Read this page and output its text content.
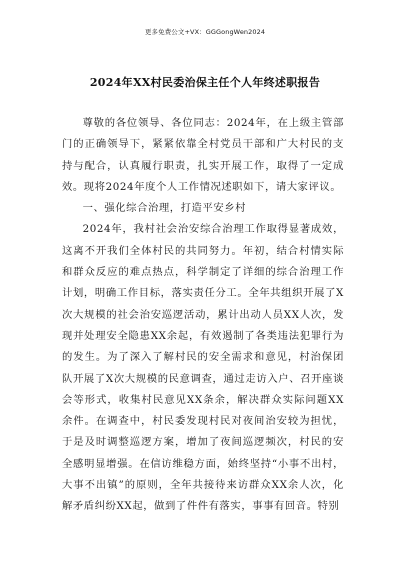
更多免费公文+VX：GGGongWen2024
2024年XX村民委治保主任个人年终述职报告

尊敬的各位领导、各位同志：2024年，在上级主管部门的正确领导下，紧紧依靠全村党员干部和广大村民的支持与配合，认真履行职责，扎实开展工作，取得了一定成效。现将2024年度个人工作情况述职如下，请大家评议。

一、强化综合治理，打造平安乡村

2024年，我村社会治安综合治理工作取得显著成效，这离不开我们全体村民的共同努力。年初，结合村情实际和群众反应的难点热点，科学制定了详细的综合治理工作计划，明确工作目标，落实责任分工。全年共组织开展了X次大规模的社会治安巡逻活动，累计出动人员XX人次，发现并处理安全隐患XX余起，有效遏制了各类违法犯罪行为的发生。为了深入了解村民的安全需求和意见，村治保团队开展了X次大规模的民意调查，通过走访入户、召开座谈会等形式，收集村民意见XX条余，解决群众实际问题XX余件。在调查中，村民委发现村民对夜间治安较为担忧，于是及时调整巡逻方案，增加了夜间巡逻频次，村民的安全感明显增强。在信访维稳方面，始终坚持“小事不出村，大事不出镇”的原则，全年共接待来访群众XX余人次，化解矛盾纠纷XX起，做到了件件有落实，事事有回音。特别
